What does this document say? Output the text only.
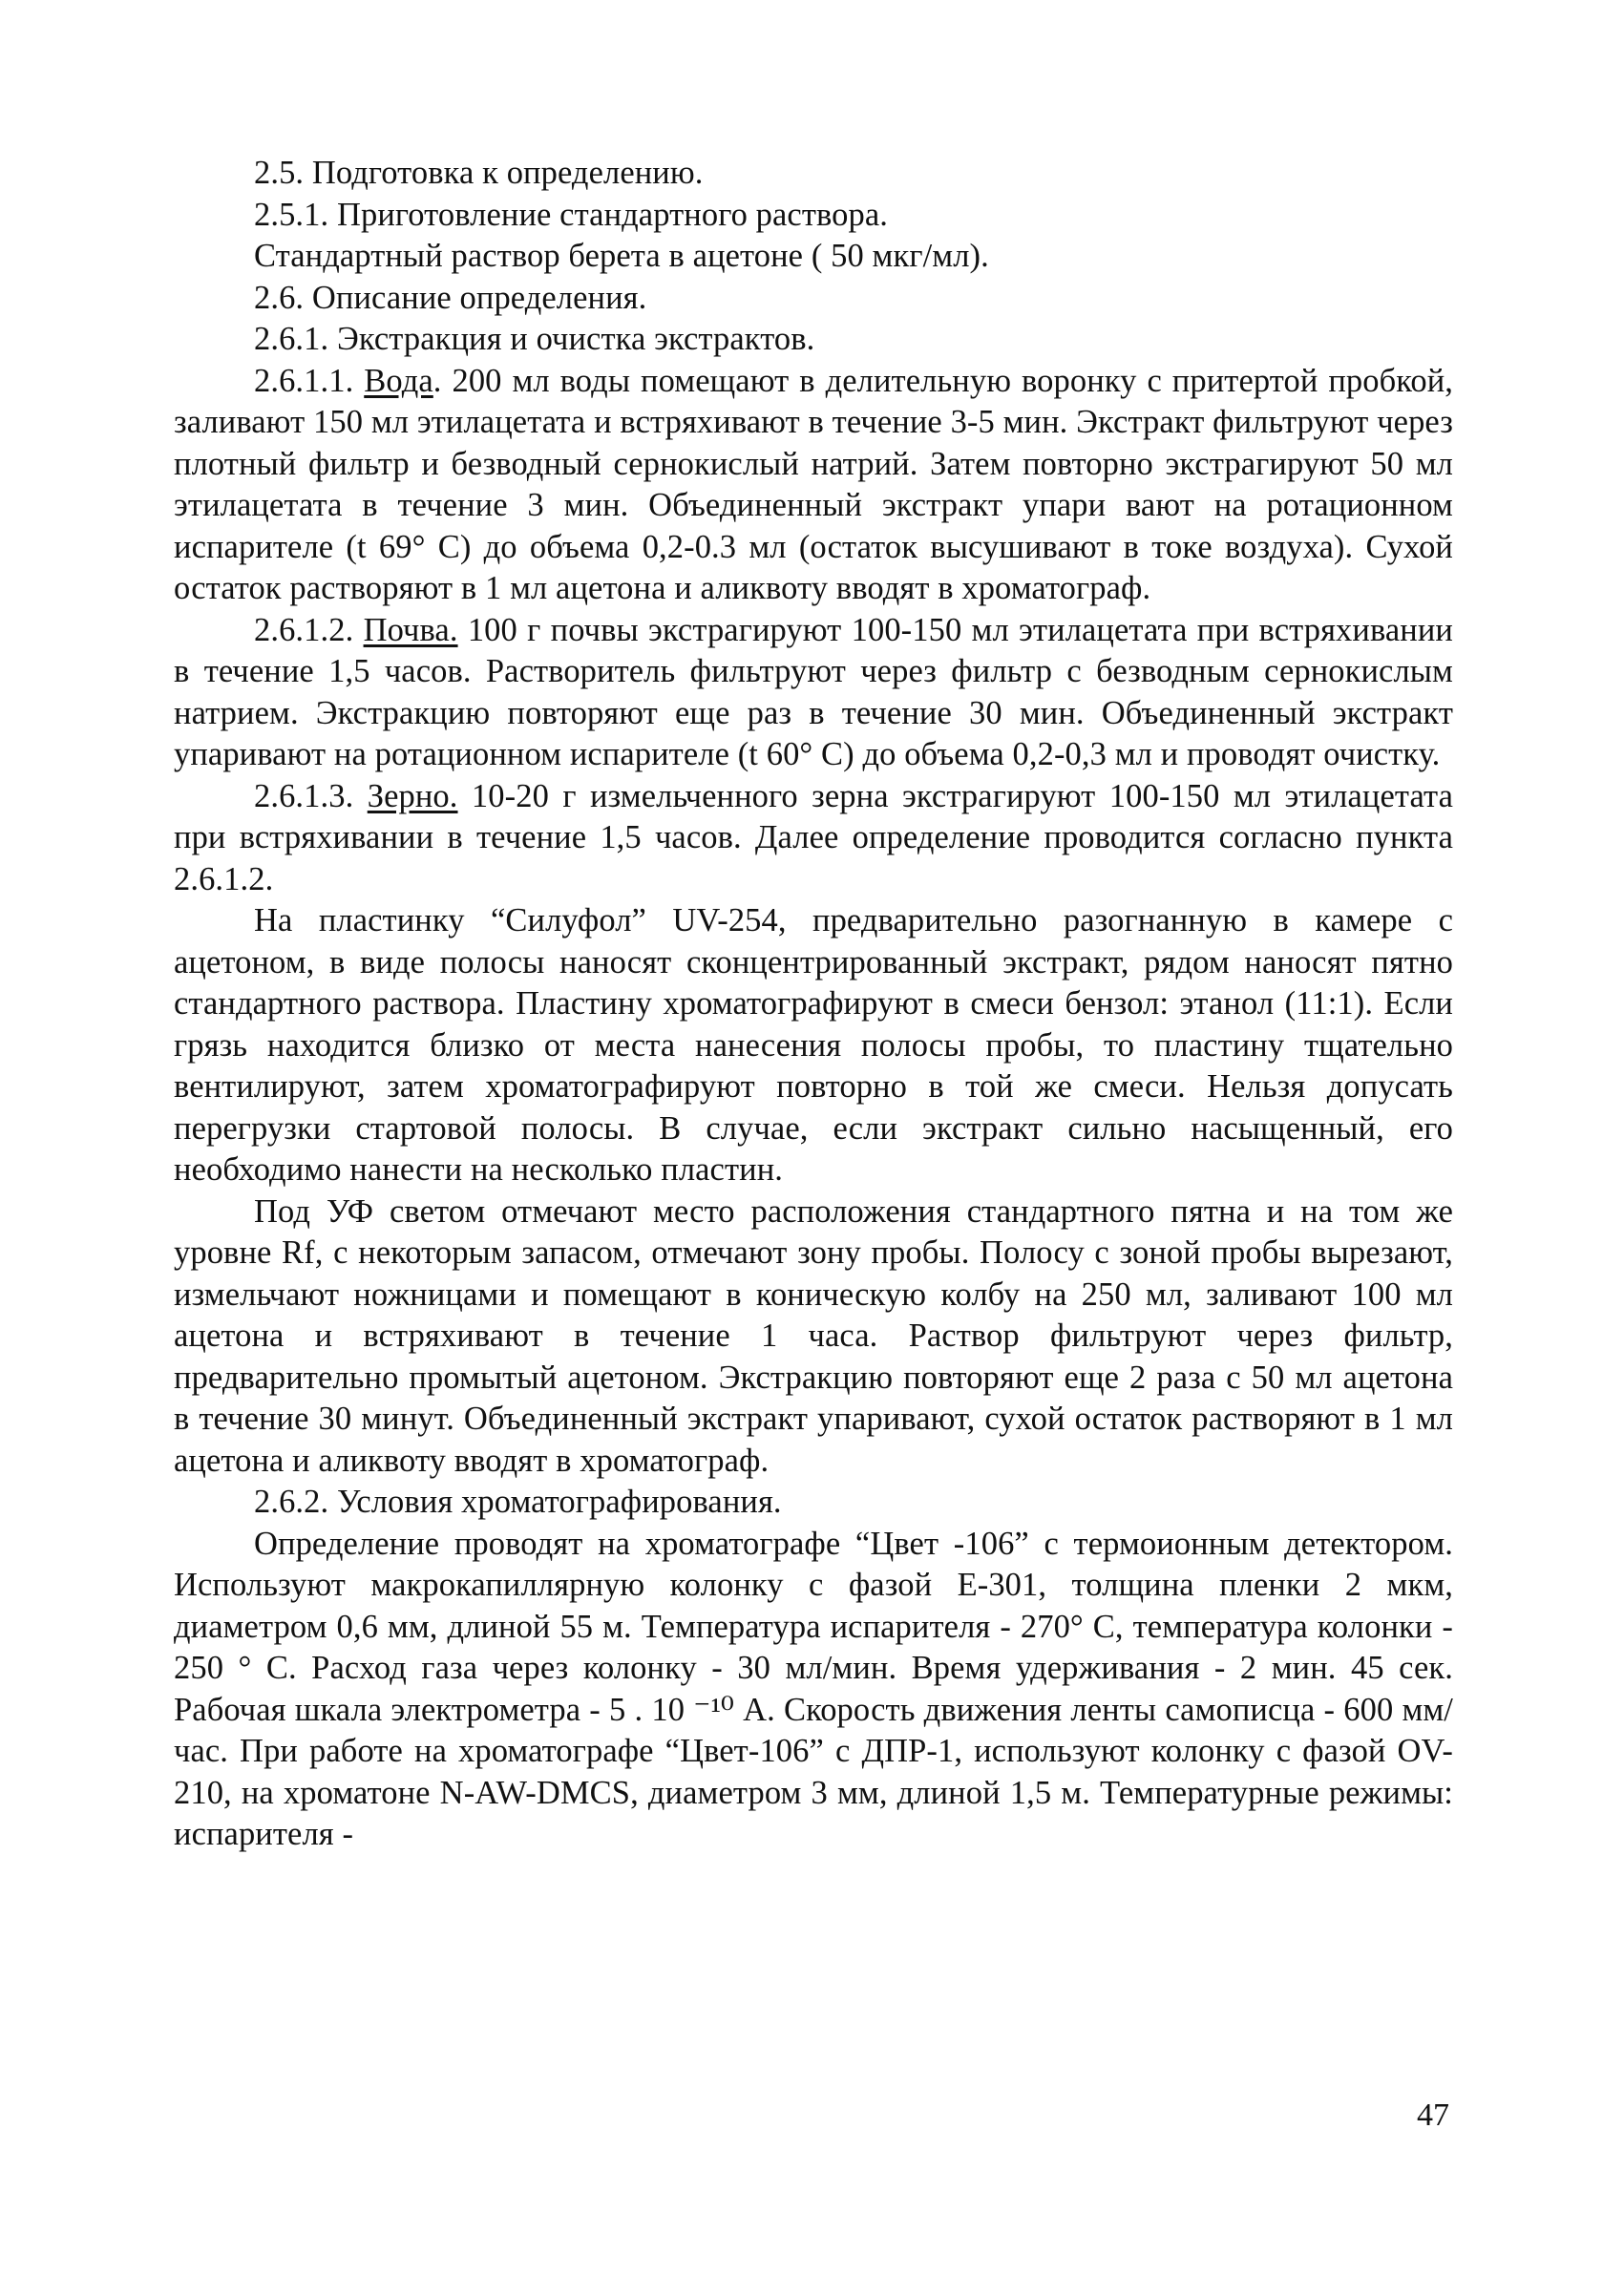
2.5. Подготовка к определению.

2.5.1. Приготовление стандартного раствора.

Стандартный раствор берета в ацетоне ( 50 мкг/мл).

2.6. Описание определения.

2.6.1. Экстракция и очистка экстрактов.

2.6.1.1. Вода. 200 мл воды помещают в делительную воронку с притертой пробкой, заливают 150 мл этилацетата и встряхивают в течение 3-5 мин. Экстракт фильтруют через плотный фильтр и безводный сернокислый натрий. Затем повторно экстрагируют 50 мл этилацетата в течение 3 мин. Объединенный экстракт упари вают на ротационном испарителе (t 69° С) до объема 0,2-0.3 мл (остаток высушивают в токе воздуха). Сухой остаток растворяют в 1 мл ацетона и аликвоту вводят в хроматограф.

2.6.1.2. Почва. 100 г почвы экстрагируют 100-150 мл этилацетата при встряхивании в течение 1,5 часов. Растворитель фильтруют через фильтр с безводным сернокислым натрием. Экстракцию повторяют еще раз в течение 30 мин. Объединенный экстракт упаривают на ротационном испарителе (t 60° С) до объема 0,2-0,3 мл и проводят очистку.

2.6.1.3. Зерно. 10-20 г измельченного зерна экстрагируют 100-150 мл этилацетата при встряхивании в течение 1,5 часов. Далее определение проводится согласно пункта 2.6.1.2.

На пластинку “Силуфол” UV-254, предварительно разогнанную в камере с ацетоном, в виде полосы наносят сконцентрированный экстракт, рядом наносят пятно стандартного раствора. Пластину хроматографируют в смеси бензол: этанол (11:1). Если грязь находится близко от места нанесения полосы пробы, то пластину тщательно вентилируют, затем хроматографируют повторно в той же смеси. Нельзя допусать перегрузки стартовой полосы. В случае, если экстракт сильно насыщенный, его необходимо нанести на несколько пластин.

Под УФ светом отмечают место расположения стандартного пятна и на том же уровне Rf, с некоторым запасом, отмечают зону пробы. Полосу с зоной пробы вырезают, измельчают ножницами и помещают в коническую колбу на 250 мл, заливают 100 мл ацетона и встряхивают в течение 1 часа. Раствор фильтруют через фильтр, предварительно промытый ацетоном. Экстракцию повторяют еще 2 раза с 50 мл ацетона в течение 30 минут. Объединенный экстракт упаривают, сухой остаток растворяют в 1 мл ацетона и аликвоту вводят в хроматограф.

2.6.2. Условия хроматографирования.

Определение проводят на хроматографе “Цвет -106” с термоионным детектором. Используют макрокапиллярную колонку с фазой Е-301, толщина пленки 2 мкм, диаметром 0,6 мм, длиной 55 м. Температура испарителя - 270° С, температура колонки - 250 ° С. Расход газа через колонку - 30 мл/мин. Время удерживания - 2 мин. 45 сек. Рабочая шкала электрометра - 5 . 10 ⁻¹⁰ А. Скорость движения ленты самописца - 600 мм/час. При работе на хроматографе “Цвет-106” с ДПР-1, используют колонку с фазой OV-210, на хроматоне N-AW-DMCS, диаметром 3 мм, длиной 1,5 м. Температурные режимы: испарителя -

47
